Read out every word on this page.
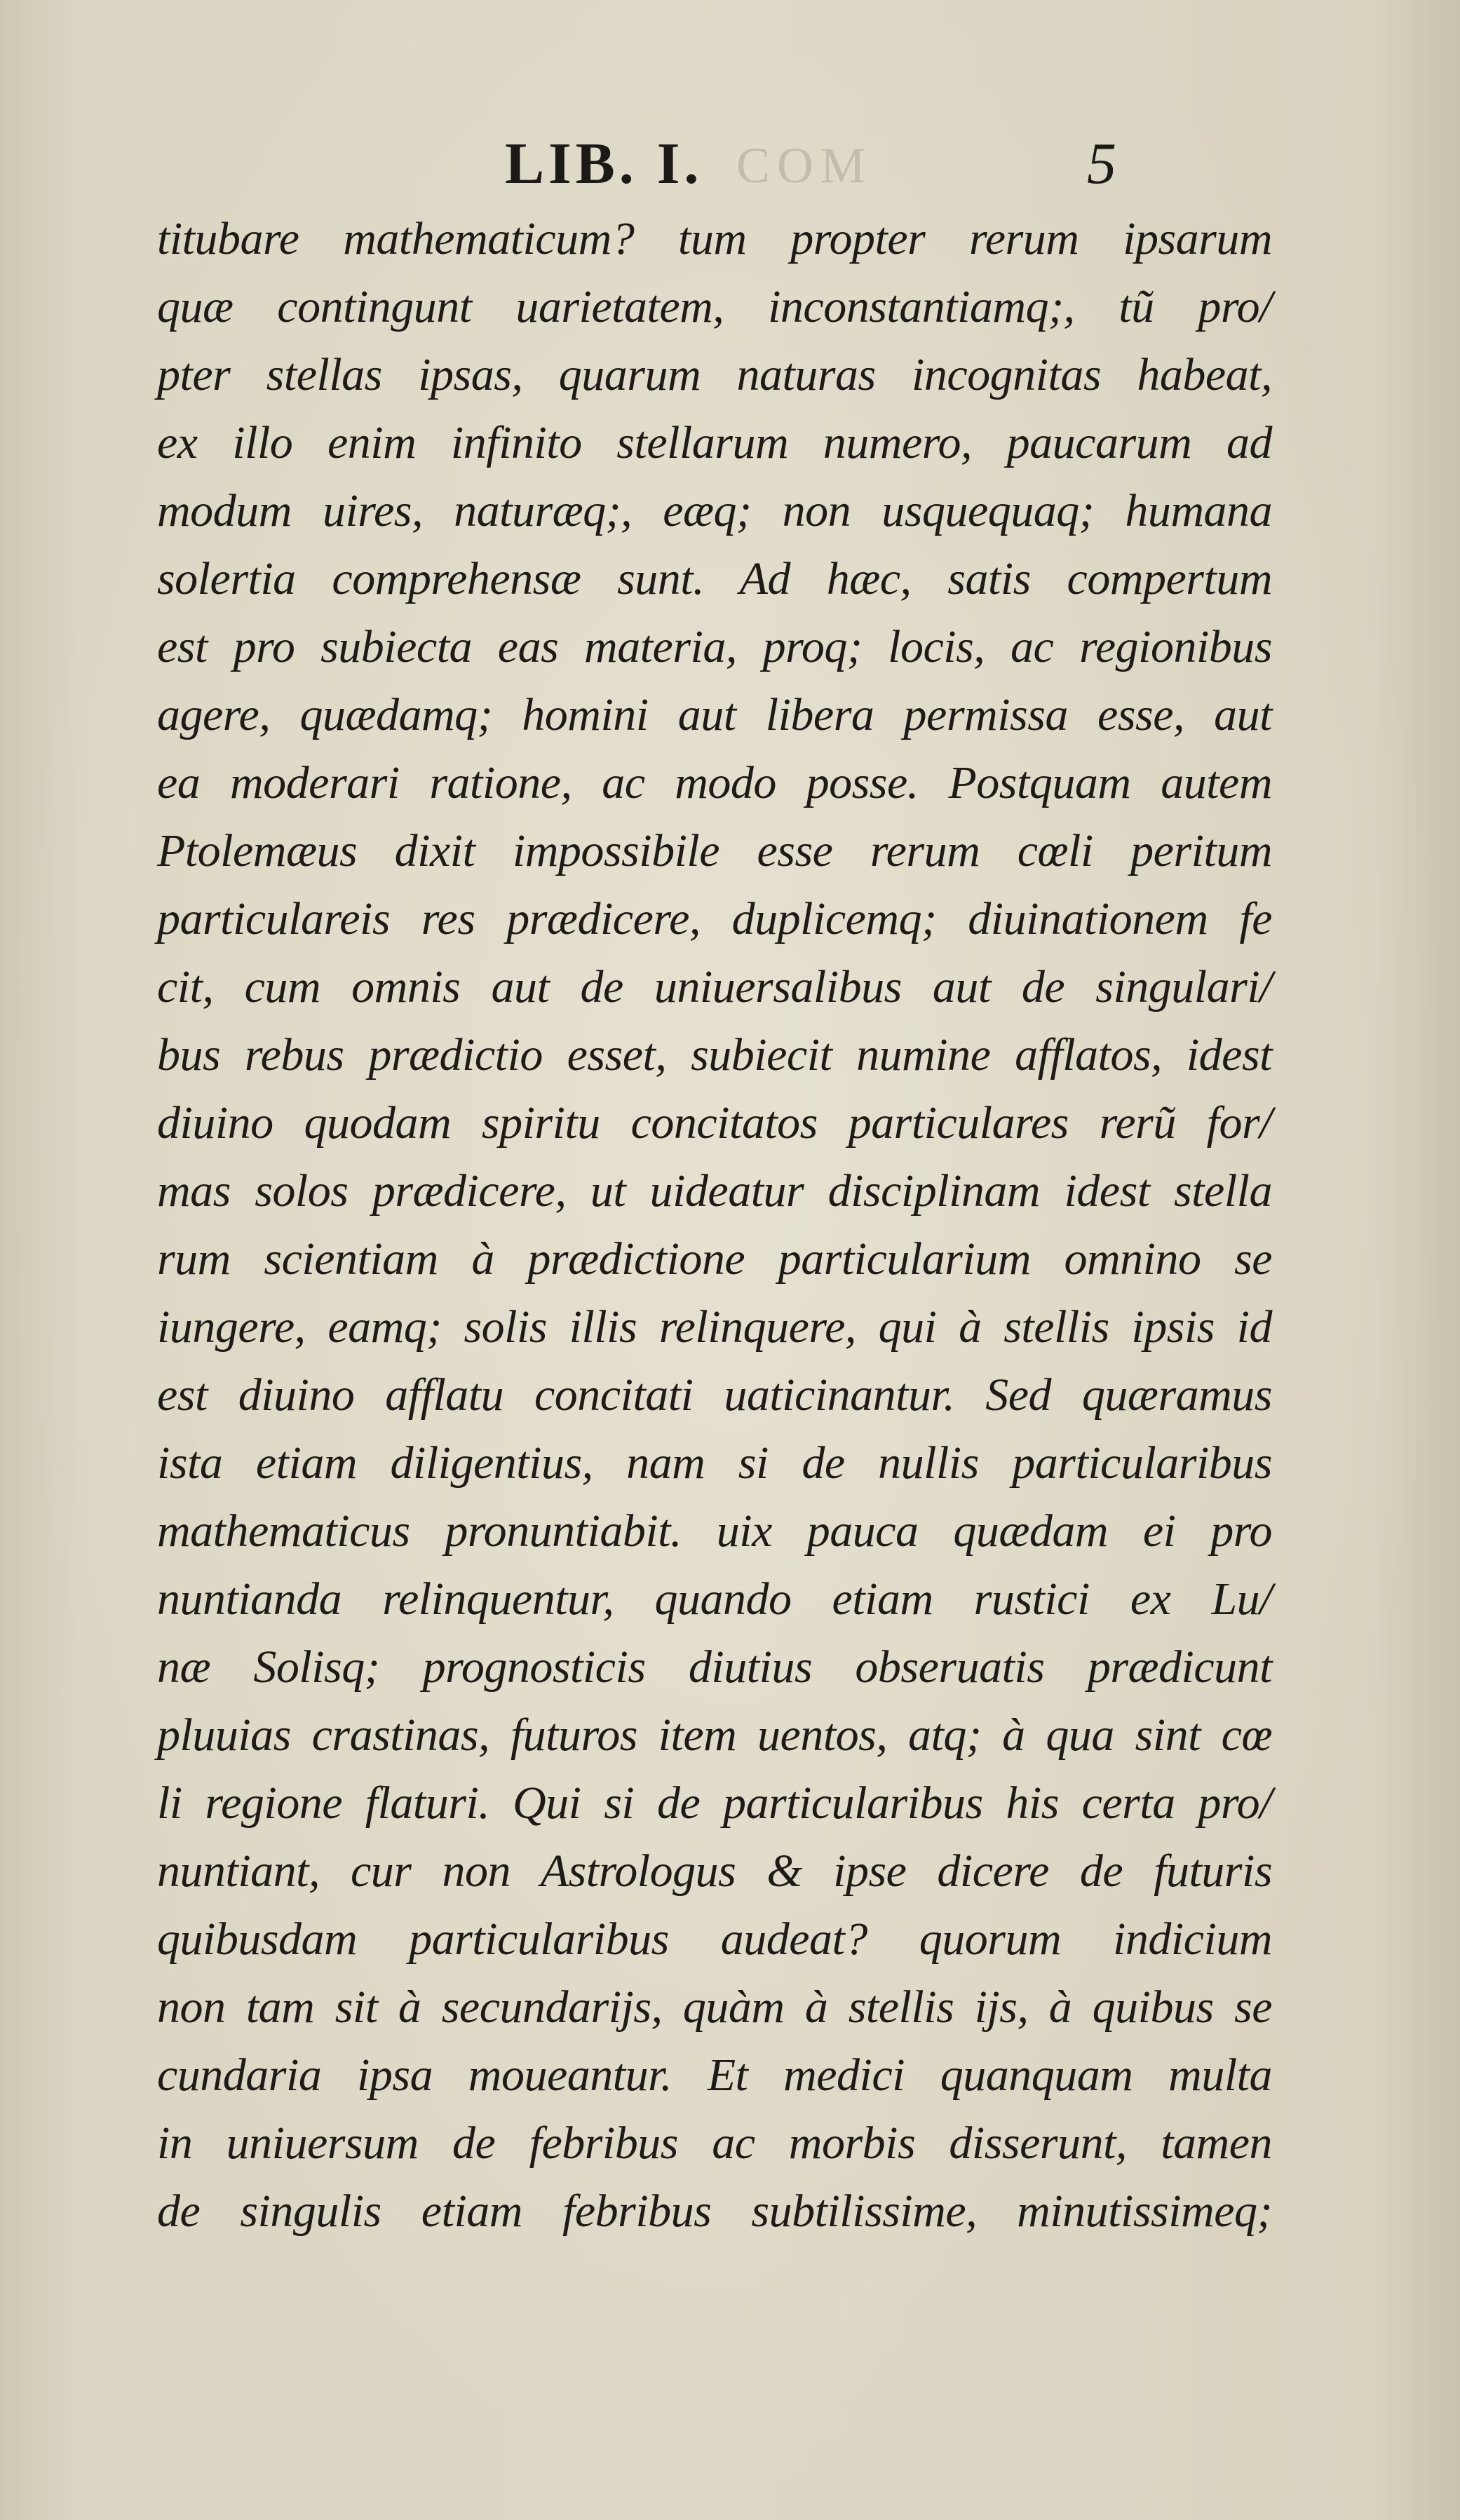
LIB. I. COM	5
titubare mathematicum? tum propter rerum ipsarum
quæ contingunt uarietatem, inconstantiamq;, tũ pro/
pter stellas ipsas, quarum naturas incognitas habeat,
ex illo enim infinito stellarum numero, paucarum ad
modum uires, naturæq;, eæq; non usquequaq; humana
solertia comprehensæ sunt. Ad hæc, satis compertum
est pro subiecta eas materia, proq; locis, ac regionibus
agere, quædamq; homini aut libera permissa esse, aut
ea moderari ratione, ac modo posse. Postquam autem
Ptolemæus dixit impossibile esse rerum cœli peritum
particulareis res prædicere, duplicemq; diuinationem fe
cit, cum omnis aut de uniuersalibus aut de singulari/
bus rebus prædictio esset, subiecit numine afflatos, idest
diuino quodam spiritu concitatos particulares rerũ for/
mas solos prædicere, ut uideatur disciplinam idest stella
rum scientiam à prædictione particularium omnino se
iungere, eamq; solis illis relinquere, qui à stellis ipsis id
est diuino afflatu concitati uaticinantur. Sed quæramus
ista etiam diligentius, nam si de nullis particularibus
mathematicus pronuntiabit. uix pauca quædam ei pro
nuntianda relinquentur, quando etiam rustici ex Lu/
næ Solisq; prognosticis diutius obseruatis prædicunt
pluuias crastinas, futuros item uentos, atq; à qua sint cœ
li regione flaturi. Qui si de particularibus his certa pro/
nuntiant, cur non Astrologus & ipse dicere de futuris
quibusdam particularibus audeat? quorum indicium
non tam sit à secundarijs, quàm à stellis ijs, à quibus se
cundaria ipsa moueantur. Et medici quanquam multa
in uniuersum de febribus ac morbis disserunt, tamen
de singulis etiam febribus subtilissime, minutissimeq;
